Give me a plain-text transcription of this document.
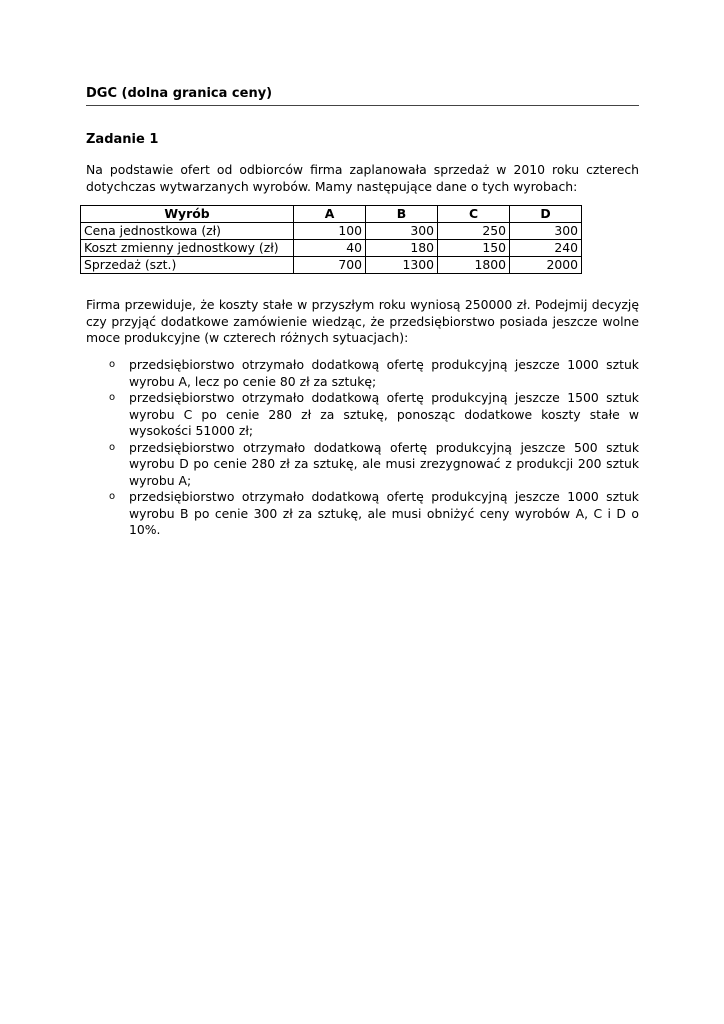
DGC (dolna granica ceny)
Zadanie 1

Na podstawie ofert od odbiorców firma zaplanowała sprzedaż w 2010 roku czterech dotychczas wytwarzanych wyrobów. Mamy następujące dane o tych wyrobach:

Wyrób	A	B	C	D
Cena jednostkowa (zł)	100	300	250	300
Koszt zmienny jednostkowy (zł)	40	180	150	240
Sprzedaż (szt.)	700	1300	1800	2000

Firma przewiduje, że koszty stałe w przyszłym roku wyniosą 250000 zł. Podejmij decyzję czy przyjąć dodatkowe zamówienie wiedząc, że przedsiębiorstwo posiada jeszcze wolne moce produkcyjne (w czterech różnych sytuacjach):

o przedsiębiorstwo otrzymało dodatkową ofertę produkcyjną jeszcze 1000 sztuk wyrobu A, lecz po cenie 80 zł za sztukę;
o przedsiębiorstwo otrzymało dodatkową ofertę produkcyjną jeszcze 1500 sztuk wyrobu C po cenie 280 zł za sztukę, ponosząc dodatkowe koszty stałe w wysokości 51000 zł;
o przedsiębiorstwo otrzymało dodatkową ofertę produkcyjną jeszcze 500 sztuk wyrobu D po cenie 280 zł za sztukę, ale musi zrezygnować z produkcji 200 sztuk wyrobu A;
o przedsiębiorstwo otrzymało dodatkową ofertę produkcyjną jeszcze 1000 sztuk wyrobu B po cenie 300 zł za sztukę, ale musi obniżyć ceny wyrobów A, C i D o 10%.
